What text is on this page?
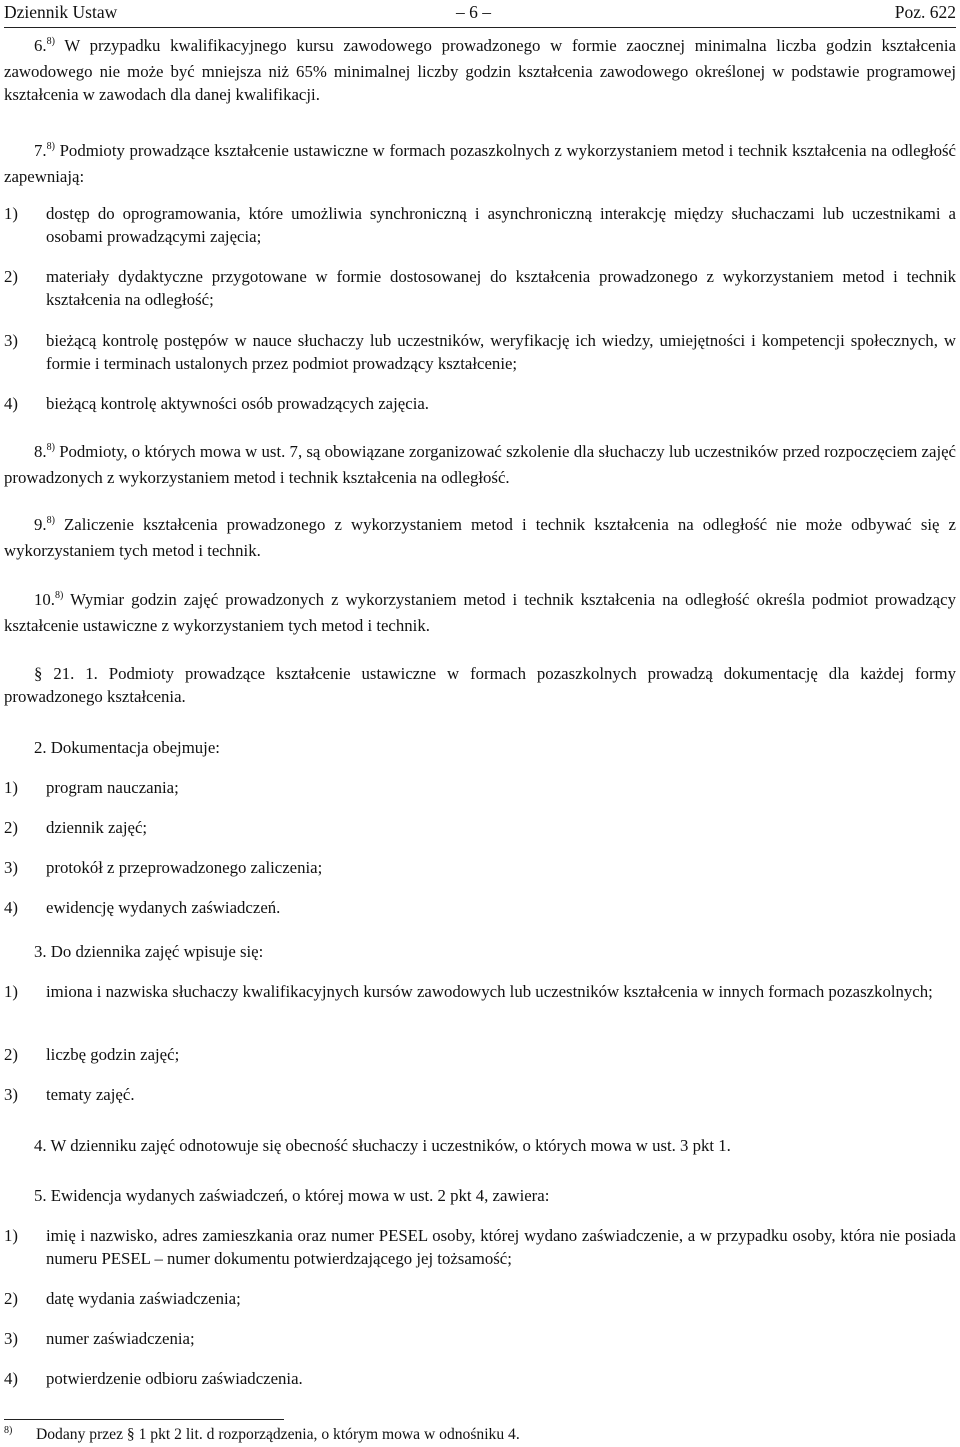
Dziennik Ustaw	– 6 –	Poz. 622
6.$^{8)}$ W przypadku kwalifikacyjnego kursu zawodowego prowadzonego w formie zaocznej minimalna liczba godzin kształcenia zawodowego nie może być mniejsza niż 65% minimalnej liczby godzin kształcenia zawodowego określonej w podstawie programowej kształcenia w zawodach dla danej kwalifikacji.
7.$^{8)}$ Podmioty prowadzące kształcenie ustawiczne w formach pozaszkolnych z wykorzystaniem metod i technik kształcenia na odległość zapewniają:
1) dostęp do oprogramowania, które umożliwia synchroniczną i asynchroniczną interakcję między słuchaczami lub uczestnikami a osobami prowadzącymi zajęcia;
2) materiały dydaktyczne przygotowane w formie dostosowanej do kształcenia prowadzonego z wykorzystaniem metod i technik kształcenia na odległość;
3) bieżącą kontrolę postępów w nauce słuchaczy lub uczestników, weryfikację ich wiedzy, umiejętności i kompetencji społecznych, w formie i terminach ustalonych przez podmiot prowadzący kształcenie;
4) bieżącą kontrolę aktywności osób prowadzących zajęcia.
8.$^{8)}$ Podmioty, o których mowa w ust. 7, są obowiązane zorganizować szkolenie dla słuchaczy lub uczestników przed rozpoczęciem zajęć prowadzonych z wykorzystaniem metod i technik kształcenia na odległość.
9.$^{8)}$ Zaliczenie kształcenia prowadzonego z wykorzystaniem metod i technik kształcenia na odległość nie może odbywać się z wykorzystaniem tych metod i technik.
10.$^{8)}$ Wymiar godzin zajęć prowadzonych z wykorzystaniem metod i technik kształcenia na odległość określa podmiot prowadzący kształcenie ustawiczne z wykorzystaniem tych metod i technik.
§ 21. 1. Podmioty prowadzące kształcenie ustawiczne w formach pozaszkolnych prowadzą dokumentację dla każdej formy prowadzonego kształcenia.
2. Dokumentacja obejmuje:
1) program nauczania;
2) dziennik zajęć;
3) protokół z przeprowadzonego zaliczenia;
4) ewidencję wydanych zaświadczeń.
3. Do dziennika zajęć wpisuje się:
1) imiona i nazwiska słuchaczy kwalifikacyjnych kursów zawodowych lub uczestników kształcenia w innych formach pozaszkolnych;
2) liczbę godzin zajęć;
3) tematy zajęć.
4. W dzienniku zajęć odnotowuje się obecność słuchaczy i uczestników, o których mowa w ust. 3 pkt 1.
5. Ewidencja wydanych zaświadczeń, o której mowa w ust. 2 pkt 4, zawiera:
1) imię i nazwisko, adres zamieszkania oraz numer PESEL osoby, której wydano zaświadczenie, a w przypadku osoby, która nie posiada numeru PESEL – numer dokumentu potwierdzającego jej tożsamość;
2) datę wydania zaświadczenia;
3) numer zaświadczenia;
4) potwierdzenie odbioru zaświadczenia.
8) Dodany przez § 1 pkt 2 lit. d rozporządzenia, o którym mowa w odnośniku 4.
